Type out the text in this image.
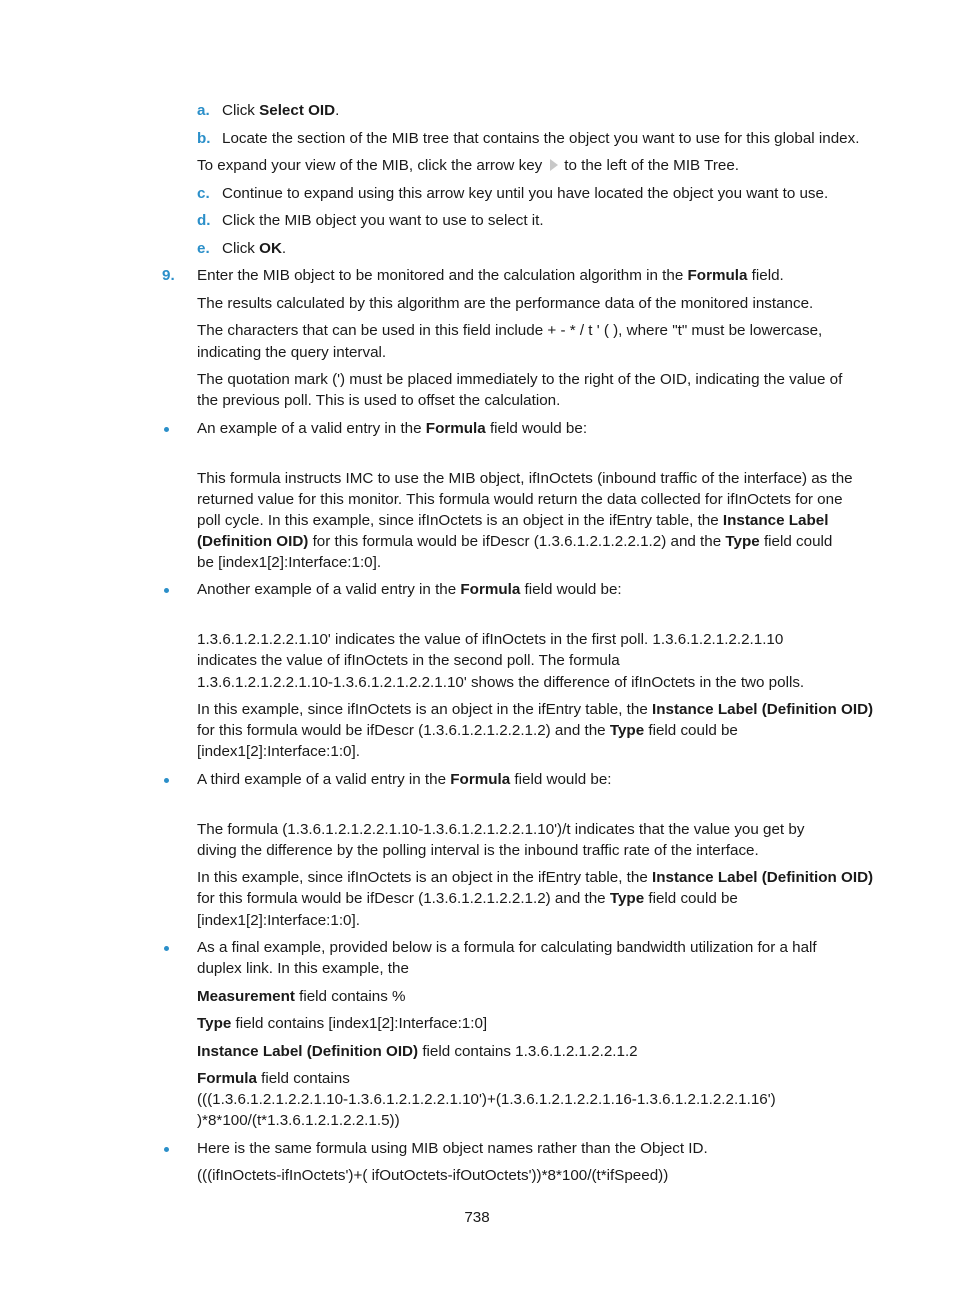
a. Click Select OID.
b. Locate the section of the MIB tree that contains the object you want to use for this global index.
To expand your view of the MIB, click the arrow key to the left of the MIB Tree.
c. Continue to expand using this arrow key until you have located the object you want to use.
d. Click the MIB object you want to use to select it.
e. Click OK.
9. Enter the MIB object to be monitored and the calculation algorithm in the Formula field.
The results calculated by this algorithm are the performance data of the monitored instance.
The characters that can be used in this field include + - * / t ' ( ), where "t" must be lowercase,
indicating the query interval.
The quotation mark (') must be placed immediately to the right of the OID, indicating the value of
the previous poll. This is used to offset the calculation.
An example of a valid entry in the Formula field would be:
This formula instructs IMC to use the MIB object, ifInOctets (inbound traffic of the interface) as the
returned value for this monitor. This formula would return the data collected for ifInOctets for one
poll cycle. In this example, since ifInOctets is an object in the ifEntry table, the Instance Label
(Definition OID) for this formula would be ifDescr (1.3.6.1.2.1.2.2.1.2) and the Type field could
be [index1[2]:Interface:1:0].
Another example of a valid entry in the Formula field would be:
1.3.6.1.2.1.2.2.1.10' indicates the value of ifInOctets in the first poll. 1.3.6.1.2.1.2.2.1.10
indicates the value of ifInOctets in the second poll. The formula
1.3.6.1.2.1.2.2.1.10-1.3.6.1.2.1.2.2.1.10' shows the difference of ifInOctets in the two polls.
In this example, since ifInOctets is an object in the ifEntry table, the Instance Label (Definition OID)
for this formula would be ifDescr (1.3.6.1.2.1.2.2.1.2) and the Type field could be
[index1[2]:Interface:1:0].
A third example of a valid entry in the Formula field would be:
The formula (1.3.6.1.2.1.2.2.1.10-1.3.6.1.2.1.2.2.1.10')/t indicates that the value you get by
diving the difference by the polling interval is the inbound traffic rate of the interface.
In this example, since ifInOctets is an object in the ifEntry table, the Instance Label (Definition OID)
for this formula would be ifDescr (1.3.6.1.2.1.2.2.1.2) and the Type field could be
[index1[2]:Interface:1:0].
As a final example, provided below is a formula for calculating bandwidth utilization for a half
duplex link. In this example, the
Measurement field contains %
Type field contains [index1[2]:Interface:1:0]
Instance Label (Definition OID) field contains 1.3.6.1.2.1.2.2.1.2
Formula field contains
(((1.3.6.1.2.1.2.2.1.10-1.3.6.1.2.1.2.2.1.10')+(1.3.6.1.2.1.2.2.1.16-1.3.6.1.2.1.2.2.1.16')
)*8*100/(t*1.3.6.1.2.1.2.2.1.5))
Here is the same formula using MIB object names rather than the Object ID.
(((ifInOctets-ifInOctets')+( ifOutOctets-ifOutOctets'))*8*100/(t*ifSpeed))
738
